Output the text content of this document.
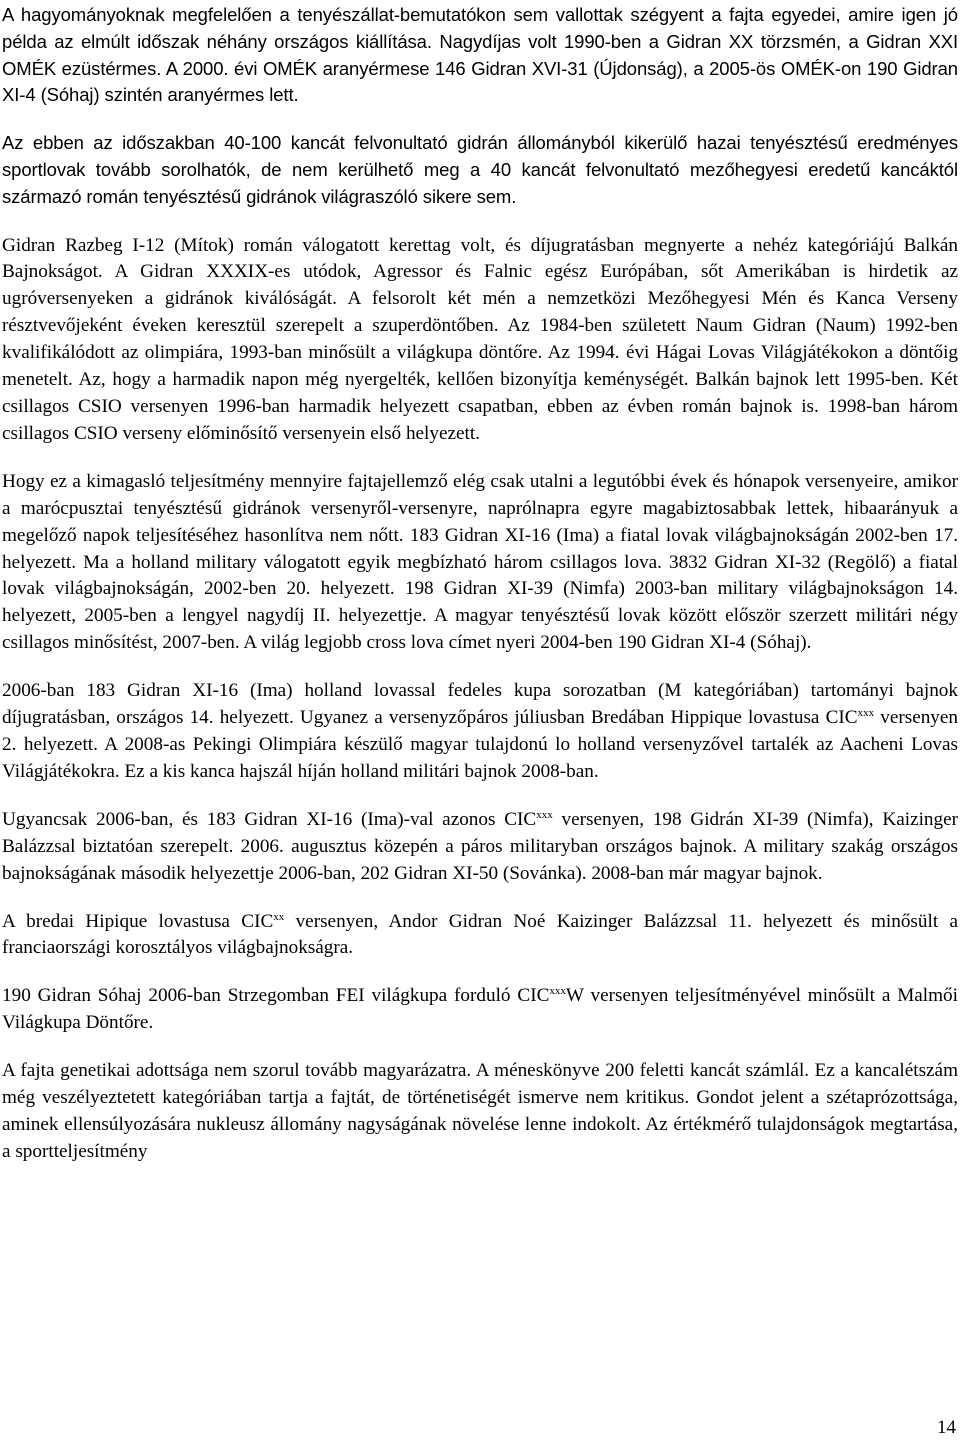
A hagyományoknak megfelelően a tenyészállat-bemutatókon sem vallottak szégyent a fajta egyedei, amire igen jó példa az elmúlt időszak néhány országos kiállítása. Nagydíjas volt 1990-ben a Gidran XX törzsmén, a Gidran XXI OMÉK ezüstérmes. A 2000. évi OMÉK aranyérmese 146 Gidran XVI-31 (Újdonság), a 2005-ös OMÉK-on 190 Gidran XI-4 (Sóhaj) szintén aranyérmes lett.

Az ebben az időszakban 40-100 kancát felvonultató gidrán állományból kikerülő hazai tenyésztésű eredményes sportlovak tovább sorolhatók, de nem kerülhető meg a 40 kancát felvonultató mezőhegyesi eredetű kancáktól származó román tenyésztésű gidránok világraszóló sikere sem.

Gidran Razbeg I-12 (Mítok) román válogatott kerettag volt, és díjugratásban megnyerte a nehéz kategóriájú Balkán Bajnokságot. A Gidran XXXIX-es utódok, Agressor és Falnic egész Európában, sőt Amerikában is hirdetik az ugróversenyeken a gidránok kiválóságát. A felsorolt két mén a nemzetközi Mezőhegyesi Mén és Kanca Verseny résztvevőjeként éveken keresztül szerepelt a szuperdöntőben. Az 1984-ben született Naum Gidran (Naum) 1992-ben kvalifikálódott az olimpiára, 1993-ban minősült a világkupa döntőre. Az 1994. évi Hágai Lovas Világjátékokon a döntőig menetelt. Az, hogy a harmadik napon még nyergelték, kellően bizonyítja keménységét. Balkán bajnok lett 1995-ben. Két csillagos CSIO versenyen 1996-ban harmadik helyezett csapatban, ebben az évben román bajnok is. 1998-ban három csillagos CSIO verseny előminősítő versenyein első helyezett.

Hogy ez a kimagasló teljesítmény mennyire fajtajellemző elég csak utalni a legutóbbi évek és hónapok versenyeire, amikor a marócpusztai tenyésztésű gidránok versenyről-versenyre, naprólnapra egyre magabiztosabbak lettek, hibaarányuk a megelőző napok teljesítéséhez hasonlítva nem nőtt. 183 Gidran XI-16 (Ima) a fiatal lovak világbajnokságán 2002-ben 17. helyezett. Ma a holland military válogatott egyik megbízható három csillagos lova. 3832 Gidran XI-32 (Regölő) a fiatal lovak világbajnokságán, 2002-ben 20. helyezett. 198 Gidran XI-39 (Nimfa) 2003-ban military világbajnokságon 14. helyezett, 2005-ben a lengyel nagydíj II. helyezettje. A magyar tenyésztésű lovak között először szerzett militári négy csillagos minősítést, 2007-ben. A világ legjobb cross lova címet nyeri 2004-ben 190 Gidran XI-4 (Sóhaj).

2006-ban 183 Gidran XI-16 (Ima) holland lovassal fedeles kupa sorozatban (M kategóriában) tartományi bajnok díjugratásban, országos 14. helyezett. Ugyanez a versenyzőpáros júliusban Bredában Hippique lovastusa CIC$^{xxx}$ versenyen 2. helyezett. A 2008-as Pekingi Olimpiára készülő magyar tulajdonú lo holland versenyzővel tartalék az Aacheni Lovas Világjátékokra. Ez a kis kanca hajszál híján holland militári bajnok 2008-ban.

Ugyancsak 2006-ban, és 183 Gidran XI-16 (Ima)-val azonos CIC$^{xxx}$ versenyen, 198 Gidrán XI-39 (Nimfa), Kaizinger Balázzsal biztatóan szerepelt. 2006. augusztus közepén a páros militaryban országos bajnok. A military szakág országos bajnokságának második helyezettje 2006-ban, 202 Gidran XI-50 (Sovánka). 2008-ban már magyar bajnok.

A bredai Hipique lovastusa CIC$^{xx}$ versenyen, Andor Gidran Noé Kaizinger Balázzsal 11. helyezett és minősült a franciaországi korosztályos világbajnokságra.

190 Gidran Sóhaj 2006-ban Strzegomban FEI világkupa forduló CIC$^{xxx}$W versenyen teljesítményével minősült a Malmői Világkupa Döntőre.

A fajta genetikai adottsága nem szorul tovább magyarázatra. A méneskönyve 200 feletti kancát számlál. Ez a kancalétszám még veszélyeztetett kategóriában tartja a fajtát, de történetiségét ismerve nem kritikus. Gondot jelent a szétaprózottsága, aminek ellensúlyozására nukleusz állomány nagyságának növelése lenne indokolt. Az értékmérő tulajdonságok megtartása, a sportteljesítmény

14
